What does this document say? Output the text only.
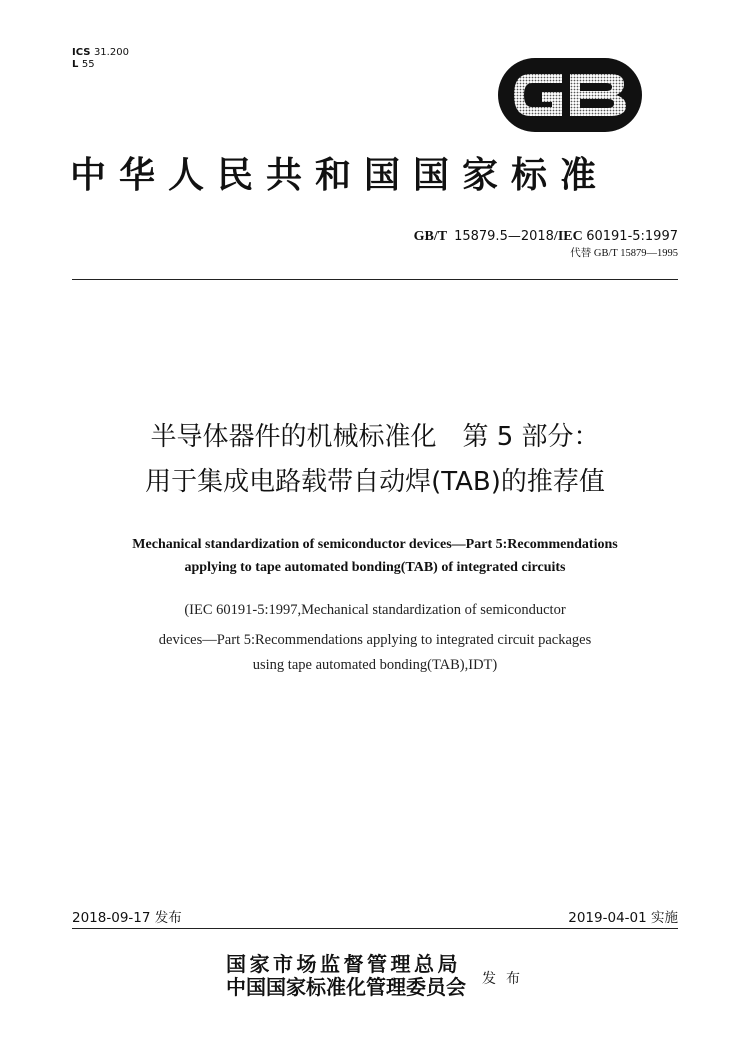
ICS 31.200
L 55
GB
中华人民共和国国家标准
GB/T 15879.5—2018/IEC 60191-5:1997
代替 GB/T 15879—1995
半导体器件的机械标准化　第 5 部分：
用于集成电路载带自动焊(TAB)的推荐值
Mechanical standardization of semiconductor devices—Part 5:Recommendations
applying to tape automated bonding(TAB) of integrated circuits
(IEC 60191-5:1997,Mechanical standardization of semiconductor
devices—Part 5:Recommendations applying to integrated circuit packages
using tape automated bonding(TAB),IDT)
2018-09-17 发布	2019-04-01 实施
国家市场监督管理总局
中国国家标准化管理委员会 发布
